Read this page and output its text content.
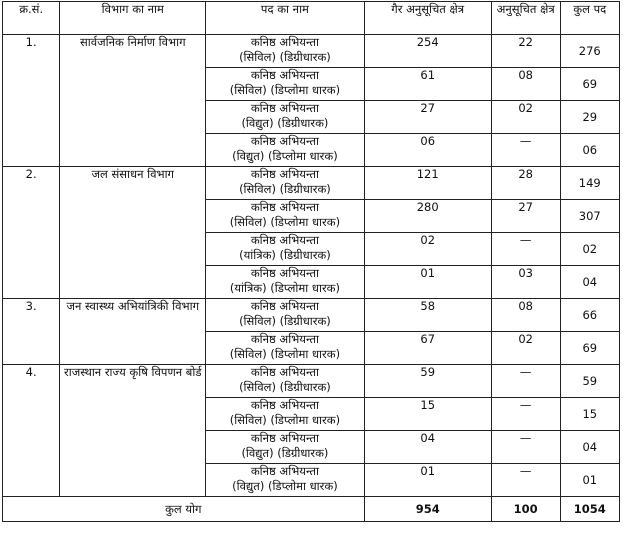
क्र.सं.	विभाग का नाम	पद का नाम	गैर अनुसूचित क्षेत्र	अनुसूचित क्षेत्र	कुल पद
1.	सार्वजनिक निर्माण विभाग	कनिष्ठ अभियन्ता
(सिविल) (डिग्रीधारक)	254	22	276

		कनिष्ठ अभियन्ता
(सिविल) (डिप्लोमा धारक)	61	08	69

		कनिष्ठ अभियन्ता
(विद्युत) (डिग्रीधारक)	27	02	29

		कनिष्ठ अभियन्ता
(विद्युत) (डिप्लोमा धारक)	06	—	06
2.	जल संसाधन विभाग	कनिष्ठ अभियन्ता
(सिविल) (डिग्रीधारक)	121	28	149

		कनिष्ठ अभियन्ता
(सिविल) (डिप्लोमा धारक)	280	27	307

		कनिष्ठ अभियन्ता
(यांत्रिक) (डिग्रीधारक)	02	—	02

		कनिष्ठ अभियन्ता
(यांत्रिक) (डिप्लोमा धारक)	01	03	04
3.	जन स्वास्थ्य अभियांत्रिकी विभाग	कनिष्ठ अभियन्ता
(सिविल) (डिग्रीधारक)	58	08	66

		कनिष्ठ अभियन्ता
(सिविल) (डिप्लोमा धारक)	67	02	69
4.	राजस्थान राज्य कृषि विपणन बोर्ड	कनिष्ठ अभियन्ता
(सिविल) (डिग्रीधारक)	59	—	59

		कनिष्ठ अभियन्ता
(सिविल) (डिप्लोमा धारक)	15	—	15

		कनिष्ठ अभियन्ता
(विद्युत) (डिग्रीधारक)	04	—	04

		कनिष्ठ अभियन्ता
(विद्युत) (डिप्लोमा धारक)	01	—	01
कुल योग			954	100	1054
